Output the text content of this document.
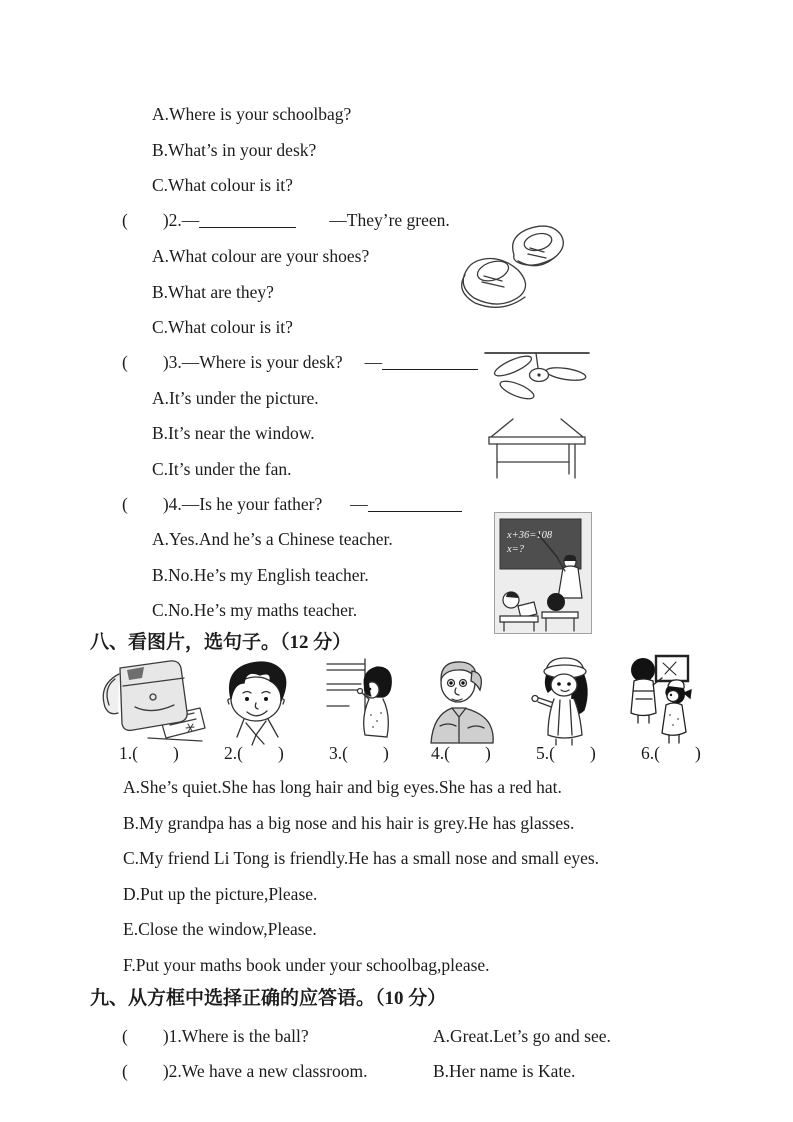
A.Where is your schoolbag?
B.What’s in your desk?
C.What colour is it?
(　　)2.—	—They’re green.
A.What colour are your shoes?
B.What are they?
C.What colour is it?
(　　)3.—Where is your desk? —
A.It’s under the picture.
B.It’s near the window.
C.It’s under the fan.
(　　)4.—Is he your father? —
A.Yes.And he’s a Chinese teacher.
B.No.He’s my English teacher.
C.No.He’s my maths teacher.
x+36=108
x=?
八、看图片，选句子。（12 分）
1.(　　)	2.(　　)	3.(　　) 4.(　　)	5.(　　)	6.(　　)
A.She’s quiet.She has long hair and big eyes.She has a red hat.
B.My grandpa has a big nose and his hair is grey.He has glasses.
C.My friend Li Tong is friendly.He has a small nose and small eyes.
D.Put up the picture,Please.
E.Close the window,Please.
F.Put your maths book under your schoolbag,please.
九、从方框中选择正确的应答语。（10 分）
(　　)1.Where is the ball?	A.Great.Let’s go and see.
(　　)2.We have a new classroom.	B.Her name is Kate.
